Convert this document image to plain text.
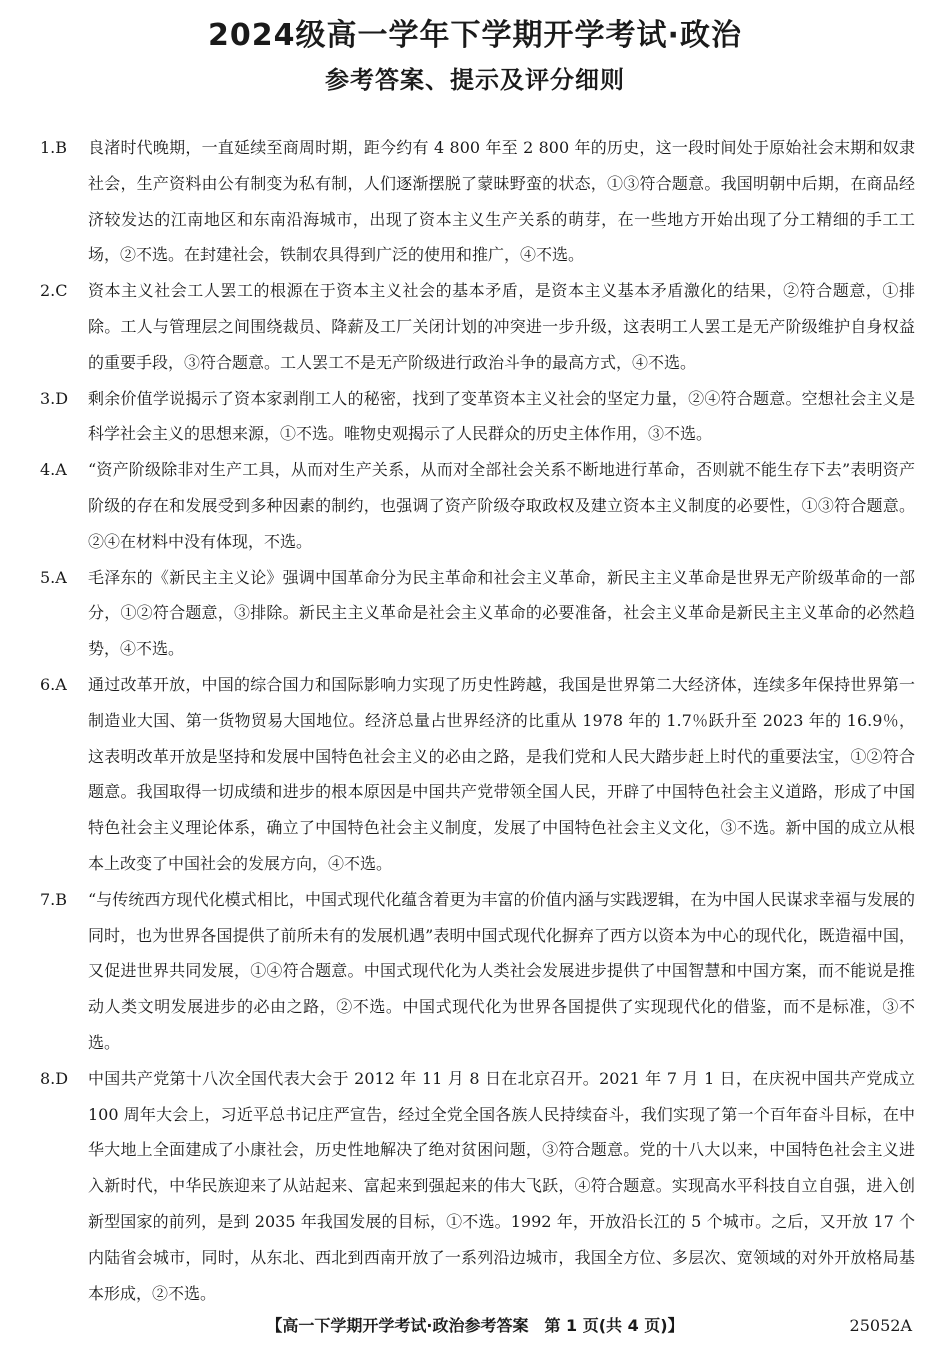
2024级高一学年下学期开学考试·政治
参考答案、提示及评分细则
1.B 良渚时代晚期，一直延续至商周时期，距今约有 4 800 年至 2 800 年的历史，这一段时间处于原始社会末期和奴隶社会，生产资料由公有制变为私有制，人们逐渐摆脱了蒙昧野蛮的状态，①③符合题意。我国明朝中后期，在商品经济较发达的江南地区和东南沿海城市，出现了资本主义生产关系的萌芽，在一些地方开始出现了分工精细的手工工场，②不选。在封建社会，铁制农具得到广泛的使用和推广，④不选。
2.C 资本主义社会工人罢工的根源在于资本主义社会的基本矛盾，是资本主义基本矛盾激化的结果，②符合题意，①排除。工人与管理层之间围绕裁员、降薪及工厂关闭计划的冲突进一步升级，这表明工人罢工是无产阶级维护自身权益的重要手段，③符合题意。工人罢工不是无产阶级进行政治斗争的最高方式，④不选。
3.D 剩余价值学说揭示了资本家剥削工人的秘密，找到了变革资本主义社会的坚定力量，②④符合题意。空想社会主义是科学社会主义的思想来源，①不选。唯物史观揭示了人民群众的历史主体作用，③不选。
4.A “资产阶级除非对生产工具，从而对生产关系，从而对全部社会关系不断地进行革命，否则就不能生存下去”表明资产阶级的存在和发展受到多种因素的制约，也强调了资产阶级夺取政权及建立资本主义制度的必要性，①③符合题意。②④在材料中没有体现，不选。
5.A 毛泽东的《新民主主义论》强调中国革命分为民主革命和社会主义革命，新民主主义革命是世界无产阶级革命的一部分，①②符合题意，③排除。新民主主义革命是社会主义革命的必要准备，社会主义革命是新民主主义革命的必然趋势，④不选。
6.A 通过改革开放，中国的综合国力和国际影响力实现了历史性跨越，我国是世界第二大经济体，连续多年保持世界第一制造业大国、第一货物贸易大国地位。经济总量占世界经济的比重从 1978 年的 1.7％跃升至 2023 年的 16.9％，这表明改革开放是坚持和发展中国特色社会主义的必由之路，是我们党和人民大踏步赶上时代的重要法宝，①②符合题意。我国取得一切成绩和进步的根本原因是中国共产党带领全国人民，开辟了中国特色社会主义道路，形成了中国特色社会主义理论体系，确立了中国特色社会主义制度，发展了中国特色社会主义文化，③不选。新中国的成立从根本上改变了中国社会的发展方向，④不选。
7.B “与传统西方现代化模式相比，中国式现代化蕴含着更为丰富的价值内涵与实践逻辑，在为中国人民谋求幸福与发展的同时，也为世界各国提供了前所未有的发展机遇”表明中国式现代化摒弃了西方以资本为中心的现代化，既造福中国，又促进世界共同发展，①④符合题意。中国式现代化为人类社会发展进步提供了中国智慧和中国方案，而不能说是推动人类文明发展进步的必由之路，②不选。中国式现代化为世界各国提供了实现现代化的借鉴，而不是标准，③不选。
8.D 中国共产党第十八次全国代表大会于 2012 年 11 月 8 日在北京召开。2021 年 7 月 1 日，在庆祝中国共产党成立 100 周年大会上，习近平总书记庄严宣告，经过全党全国各族人民持续奋斗，我们实现了第一个百年奋斗目标，在中华大地上全面建成了小康社会，历史性地解决了绝对贫困问题，③符合题意。党的十八大以来，中国特色社会主义进入新时代，中华民族迎来了从站起来、富起来到强起来的伟大飞跃，④符合题意。实现高水平科技自立自强，进入创新型国家的前列，是到 2035 年我国发展的目标，①不选。1992 年，开放沿长江的 5 个城市。之后，又开放 17 个内陆省会城市，同时，从东北、西北到西南开放了一系列沿边城市，我国全方位、多层次、宽领域的对外开放格局基本形成，②不选。
【高一下学期开学考试·政治参考答案　第 1 页(共 4 页)】	25052A
